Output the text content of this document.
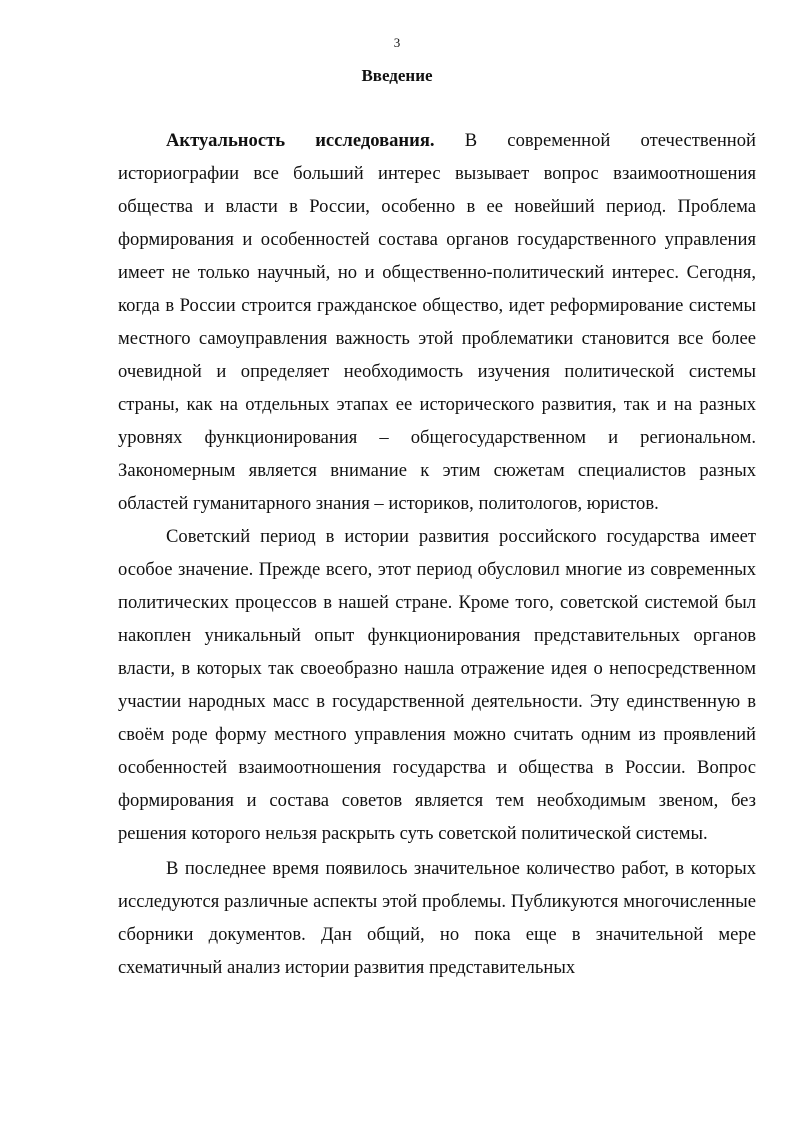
3
Введение

Актуальность исследования. В современной отечественной историографии все больший интерес вызывает вопрос взаимоотношения общества и власти в России, особенно в ее новейший период. Проблема формирования и особенностей состава органов государственного управления имеет не только научный, но и общественно-политический интерес. Сегодня, когда в России строится гражданское общество, идет реформирование системы местного самоуправления важность этой проблематики становится все более очевидной и определяет необходимость изучения политической системы страны, как на отдельных этапах ее исторического развития, так и на разных уровнях функционирования – общегосударственном и региональном. Закономерным является внимание к этим сюжетам специалистов разных областей гуманитарного знания – историков, политологов, юристов.

Советский период в истории развития российского государства имеет особое значение. Прежде всего, этот период обусловил многие из современных политических процессов в нашей стране. Кроме того, советской системой был накоплен уникальный опыт функционирования представительных органов власти, в которых так своеобразно нашла отражение идея о непосредственном участии народных масс в государственной деятельности. Эту единственную в своём роде форму местного управления можно считать одним из проявлений особенностей взаимоотношения государства и общества в России. Вопрос формирования и состава советов является тем необходимым звеном, без решения которого нельзя раскрыть суть советской политической системы.

В последнее время появилось значительное количество работ, в которых исследуются различные аспекты этой проблемы. Публикуются многочисленные сборники документов. Дан общий, но пока еще в значительной мере схематичный анализ истории развития представительных
